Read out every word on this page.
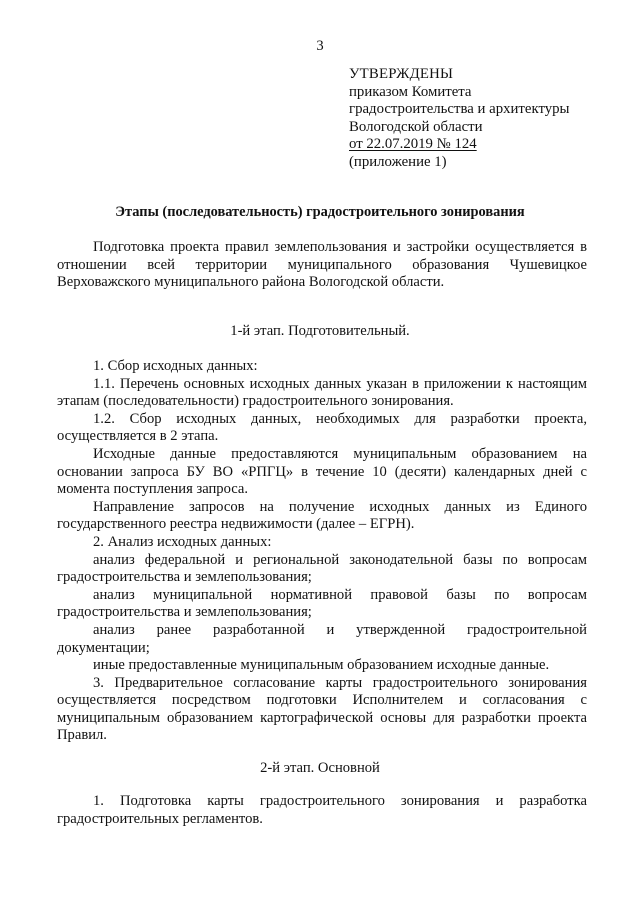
3
УТВЕРЖДЕНЫ
приказом Комитета
градостроительства и архитектуры
Вологодской области
от 22.07.2019 № 124
(приложение 1)
Этапы (последовательность) градостроительного зонирования

Подготовка проекта правил землепользования и застройки осуществляется в отношении всей территории муниципального образования Чушевицкое Верховажского муниципального района Вологодской области.

1-й этап. Подготовительный.

1. Сбор исходных данных:

1.1. Перечень основных исходных данных указан в приложении к настоящим этапам (последовательности) градостроительного зонирования.

1.2. Сбор исходных данных, необходимых для разработки проекта, осуществляется в 2 этапа.

Исходные данные предоставляются муниципальным образованием на основании запроса БУ ВО «РПГЦ» в течение 10 (десяти) календарных дней с момента поступления запроса.

Направление запросов на получение исходных данных из Единого государственного реестра недвижимости (далее – ЕГРН).

2. Анализ исходных данных:

анализ федеральной и региональной законодательной базы по вопросам градостроительства и землепользования;

анализ муниципальной нормативной правовой базы по вопросам градостроительства и землепользования;

анализ ранее разработанной и утвержденной градостроительной документации;

иные предоставленные муниципальным образованием исходные данные.

3. Предварительное согласование карты градостроительного зонирования осуществляется посредством подготовки Исполнителем и согласования с муниципальным образованием картографической основы для разработки проекта Правил.

2-й этап. Основной

1. Подготовка карты градостроительного зонирования и разработка градостроительных регламентов.
